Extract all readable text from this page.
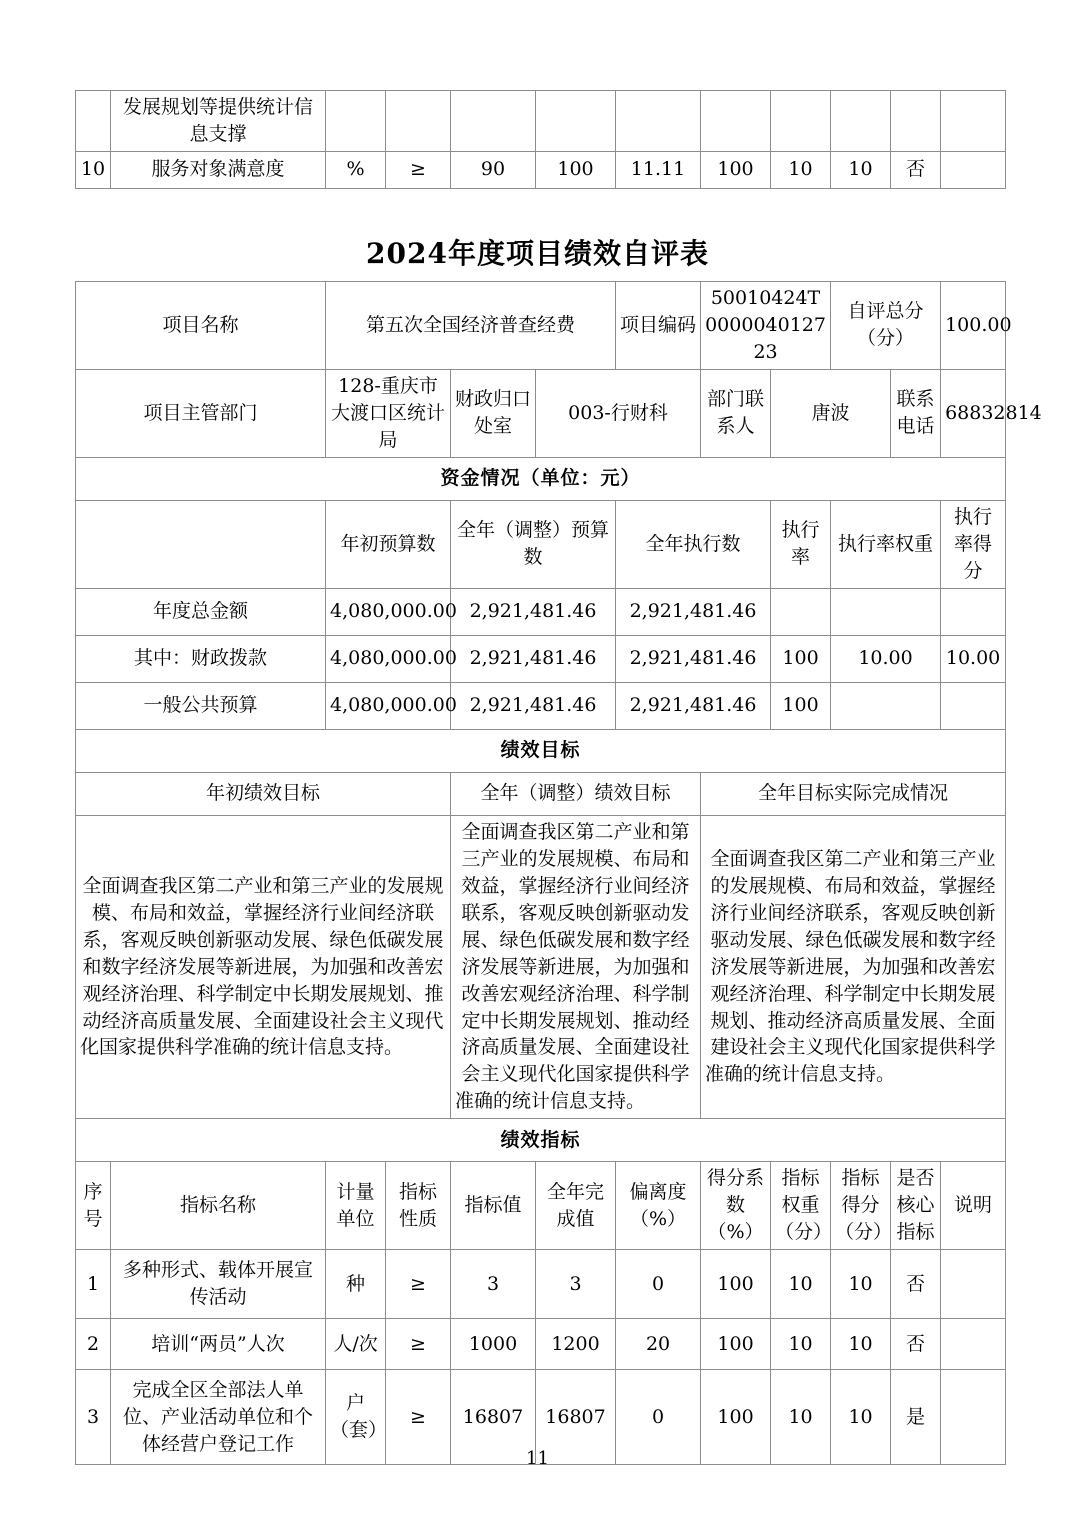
	发展规划等提供统计信息支撑										
10	服务对象满意度	%	≥	90	100	11.11	100	10	10	否	
2024年度项目绩效自评表
项目名称		第五次全国经济普查经费				项目编码	50010424T000004012723		自评总分（分）		100.00
项目主管部门		128-重庆市大渡口区统计局		财政归口处室	003-行财科		部门联系人	唐波		联系电话	68832814
资金情况（单位：元）											
		年初预算数		全年（调整）预算数		全年执行数		执行率	执行率权重		执行率得分
年度总金额		4,080,000.00		2,921,481.46		2,921,481.46					
其中：财政拨款		4,080,000.00		2,921,481.46		2,921,481.46		100	10.00		10.00
一般公共预算		4,080,000.00		2,921,481.46		2,921,481.46		100			
绩效目标											
年初绩效目标				全年（调整）绩效目标			全年目标实际完成情况				
全面调查我区第二产业和第三产业的发展规模、布局和效益，掌握经济行业间经济联系，客观反映创新驱动发展、绿色低碳发展和数字经济发展等新进展，为加强和改善宏观经济治理、科学制定中长期发展规划、推动经济高质量发展、全面建设社会主义现代化国家提供科学准确的统计信息支持。				全面调查我区第二产业和第三产业的发展规模、布局和效益，掌握经济行业间经济联系，客观反映创新驱动发展、绿色低碳发展和数字经济发展等新进展，为加强和改善宏观经济治理、科学制定中长期发展规划、推动经济高质量发展、全面建设社会主义现代化国家提供科学准确的统计信息支持。			全面调查我区第二产业和第三产业的发展规模、布局和效益，掌握经济行业间经济联系，客观反映创新驱动发展、绿色低碳发展和数字经济发展等新进展，为加强和改善宏观经济治理、科学制定中长期发展规划、推动经济高质量发展、全面建设社会主义现代化国家提供科学准确的统计信息支持。				
绩效指标											
序号	指标名称	计量单位	指标性质	指标值	全年完成值	偏离度（%）	得分系数（%）	指标权重（分）	指标得分（分）	是否核心指标	说明
1	多种形式、载体开展宣传活动	种	≥	3	3	0	100	10	10	否	
2	培训“两员”人次	人/次	≥	1000	1200	20	100	10	10	否	
3	完成全区全部法人单位、产业活动单位和个体经营户登记工作	户（套）	≥	16807	16807	0	100	10	10	是	
11
